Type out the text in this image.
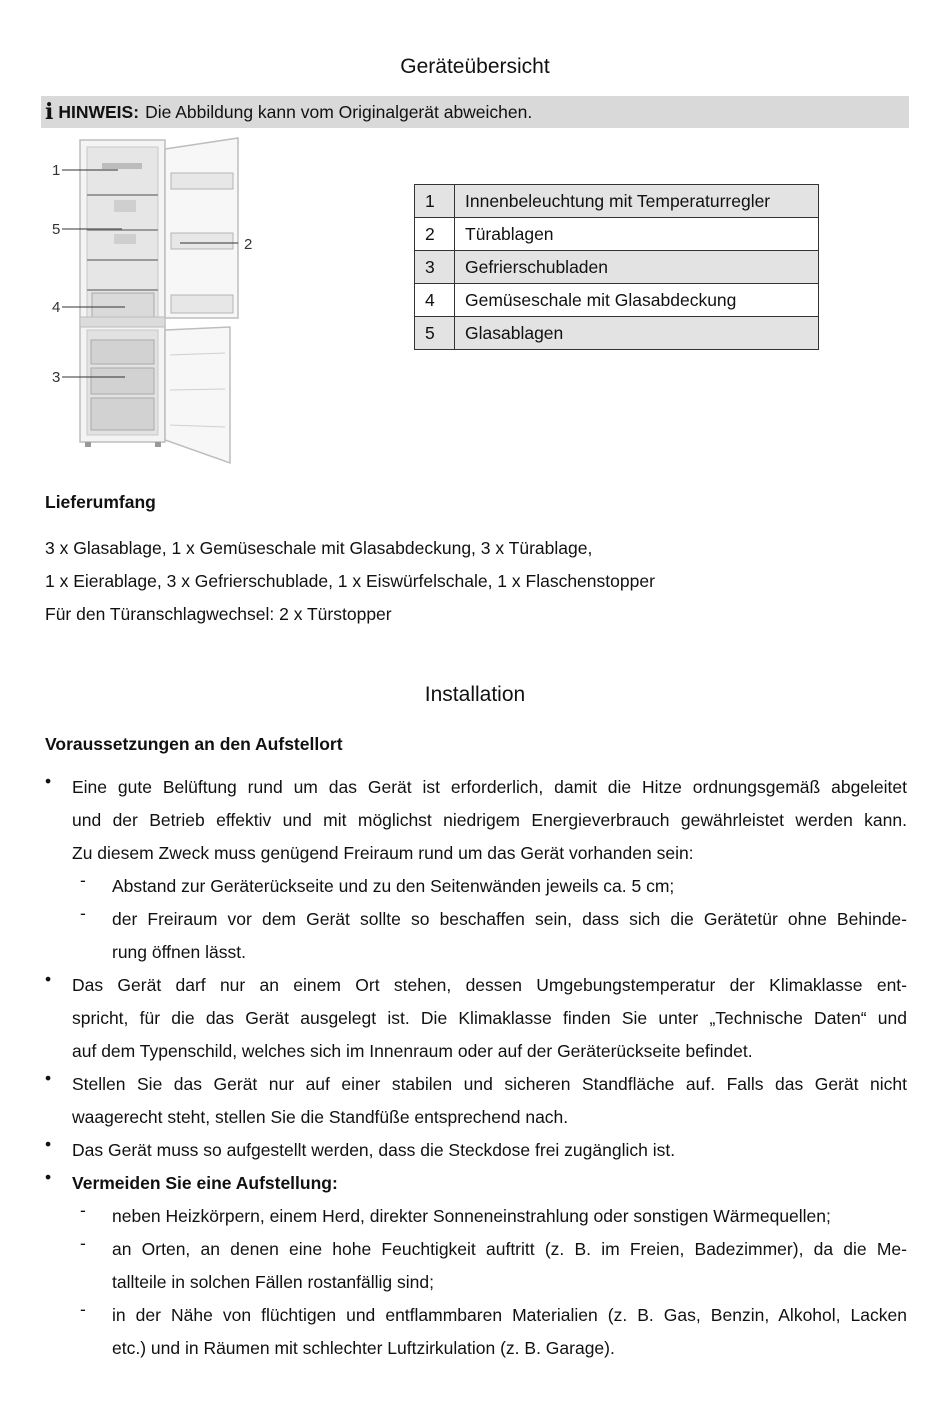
Geräteübersicht
i HINWEIS: Die Abbildung kann vom Originalgerät abweichen.
1
5
2
4
3
1	Innenbeleuchtung mit Temperaturregler
2	Türablagen
3	Gefrierschubladen
4	Gemüseschale mit Glasabdeckung
5	Glasablagen
Lieferumfang
3 x Glasablage, 1 x Gemüseschale mit Glasabdeckung, 3 x Türablage,
1 x Eierablage, 3 x Gefrierschublade, 1 x Eiswürfelschale, 1 x Flaschenstopper
Für den Türanschlagwechsel: 2 x Türstopper
Installation
Voraussetzungen an den Aufstellort
• Eine gute Belüftung rund um das Gerät ist erforderlich, damit die Hitze ordnungsgemäß abgeleitet
und der Betrieb effektiv und mit möglichst niedrigem Energieverbrauch gewährleistet werden kann.
Zu diesem Zweck muss genügend Freiraum rund um das Gerät vorhanden sein:
- Abstand zur Geräterückseite und zu den Seitenwänden jeweils ca. 5 cm;
- der Freiraum vor dem Gerät sollte so beschaffen sein, dass sich die Gerätetür ohne Behinde-
rung öffnen lässt.
• Das Gerät darf nur an einem Ort stehen, dessen Umgebungstemperatur der Klimaklasse ent-
spricht, für die das Gerät ausgelegt ist. Die Klimaklasse finden Sie unter „Technische Daten“ und
auf dem Typenschild, welches sich im Innenraum oder auf der Geräterückseite befindet.
• Stellen Sie das Gerät nur auf einer stabilen und sicheren Standfläche auf. Falls das Gerät nicht
waagerecht steht, stellen Sie die Standfüße entsprechend nach.
• Das Gerät muss so aufgestellt werden, dass die Steckdose frei zugänglich ist.
• Vermeiden Sie eine Aufstellung:
- neben Heizkörpern, einem Herd, direkter Sonneneinstrahlung oder sonstigen Wärmequellen;
- an Orten, an denen eine hohe Feuchtigkeit auftritt (z. B. im Freien, Badezimmer), da die Me-
tallteile in solchen Fällen rostanfällig sind;
- in der Nähe von flüchtigen und entflammbaren Materialien (z. B. Gas, Benzin, Alkohol, Lacken
etc.) und in Räumen mit schlechter Luftzirkulation (z. B. Garage).
